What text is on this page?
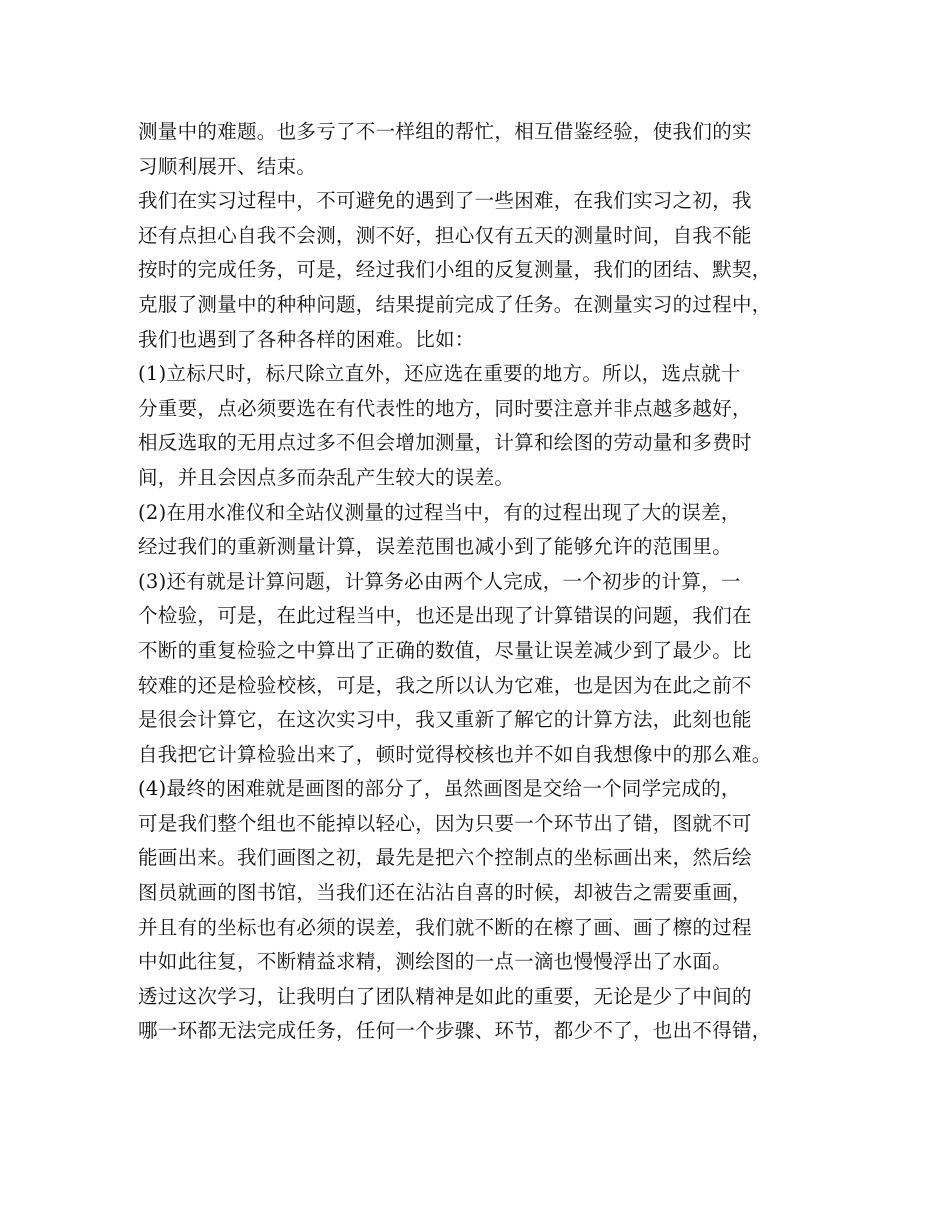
测量中的难题。也多亏了不一样组的帮忙，相互借鉴经验，使我们的实

习顺利展开、结束。

我们在实习过程中，不可避免的遇到了一些困难，在我们实习之初，我

还有点担心自我不会测，测不好，担心仅有五天的测量时间，自我不能

按时的完成任务，可是，经过我们小组的反复测量，我们的团结、默契，

克服了测量中的种种问题，结果提前完成了任务。在测量实习的过程中，

我们也遇到了各种各样的困难。比如：

(1)立标尺时，标尺除立直外，还应选在重要的地方。所以，选点就十

分重要，点必须要选在有代表性的地方，同时要注意并非点越多越好，

相反选取的无用点过多不但会增加测量，计算和绘图的劳动量和多费时

间，并且会因点多而杂乱产生较大的误差。

(2)在用水准仪和全站仪测量的过程当中，有的过程出现了大的误差，

经过我们的重新测量计算，误差范围也减小到了能够允许的范围里。

(3)还有就是计算问题，计算务必由两个人完成，一个初步的计算，一

个检验，可是，在此过程当中，也还是出现了计算错误的问题，我们在

不断的重复检验之中算出了正确的数值，尽量让误差减少到了最少。比

较难的还是检验校核，可是，我之所以认为它难，也是因为在此之前不

是很会计算它，在这次实习中，我又重新了解它的计算方法，此刻也能

自我把它计算检验出来了，顿时觉得校核也并不如自我想像中的那么难。

(4)最终的困难就是画图的部分了，虽然画图是交给一个同学完成的，

可是我们整个组也不能掉以轻心，因为只要一个环节出了错，图就不可

能画出来。我们画图之初，最先是把六个控制点的坐标画出来，然后绘

图员就画的图书馆，当我们还在沾沾自喜的时候，却被告之需要重画，

并且有的坐标也有必须的误差，我们就不断的在檫了画、画了檫的过程

中如此往复，不断精益求精，测绘图的一点一滴也慢慢浮出了水面。

透过这次学习，让我明白了团队精神是如此的重要，无论是少了中间的

哪一环都无法完成任务，任何一个步骤、环节，都少不了，也出不得错，
